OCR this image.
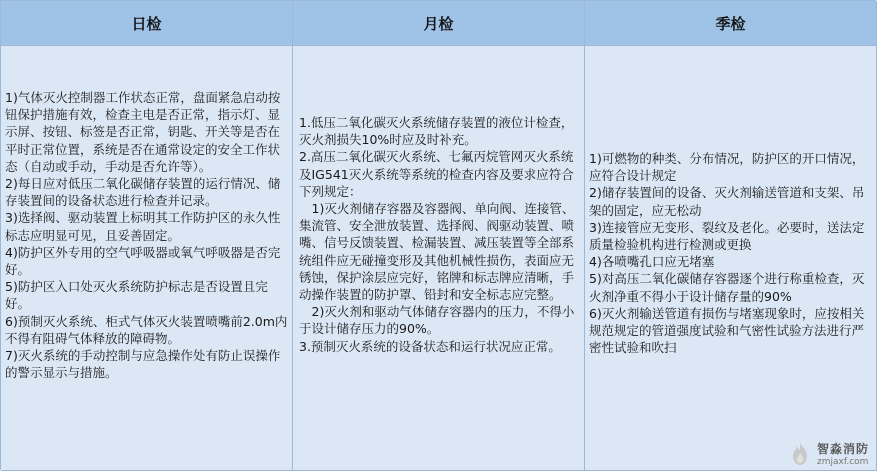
日检
1)气体灭火控制器工作状态正常，盘面紧急启动按钮保护措施有效，检查主电是否正常，指示灯、显示屏、按钮、标签是否正常，钥匙、开关等是否在平时正常位置，系统是否在通常设定的安全工作状态（自动或手动，手动是否允许等）。
2)每日应对低压二氧化碳储存装置的运行情况、储存装置间的设备状态进行检查并记录。
3)选择阀、驱动装置上标明其工作防护区的永久性标志应明显可见，且妥善固定。
4)防护区外专用的空气呼吸器或氧气呼吸器是否完好。
5)防护区入口处灭火系统防护标志是否设置且完好。
6)预制灭火系统、柜式气体灭火装置喷嘴前2.0m内不得有阻碍气体释放的障碍物。
7)灭火系统的手动控制与应急操作处有防止误操作的警示显示与措施。
月检
1.低压二氧化碳灭火系统储存装置的液位计检查，灭火剂损失10%时应及时补充。
2.高压二氧化碳灭火系统、七氟丙烷管网灭火系统及IG541灭火系统等系统的检查内容及要求应符合下列规定：
　1)灭火剂储存容器及容器阀、单向阀、连接管、集流管、安全泄放装置、选择阀、阀驱动装置、喷嘴、信号反馈装置、检漏装置、减压装置等全部系统组件应无碰撞变形及其他机械性损伤，表面应无锈蚀，保护涂层应完好，铭牌和标志牌应清晰，手动操作装置的防护罩、铅封和安全标志应完整。
　2)灭火剂和驱动气体储存容器内的压力，不得小于设计储存压力的90%。
3.预制灭火系统的设备状态和运行状况应正常。
季检
1)可燃物的种类、分布情况，防护区的开口情况，应符合设计规定
2)储存装置间的设备、灭火剂输送管道和支架、吊架的固定，应无松动
3)连接管应无变形、裂纹及老化。必要时，送法定质量检验机构进行检测或更换
4)各喷嘴孔口应无堵塞
5)对高压二氧化碳储存容器逐个进行称重检查，灭火剂净重不得小于设计储存量的90%
6)灭火剂输送管道有损伤与堵塞现象时，应按相关规范规定的管道强度试验和气密性试验方法进行严密性试验和吹扫
智淼消防
zmjaxf.com
